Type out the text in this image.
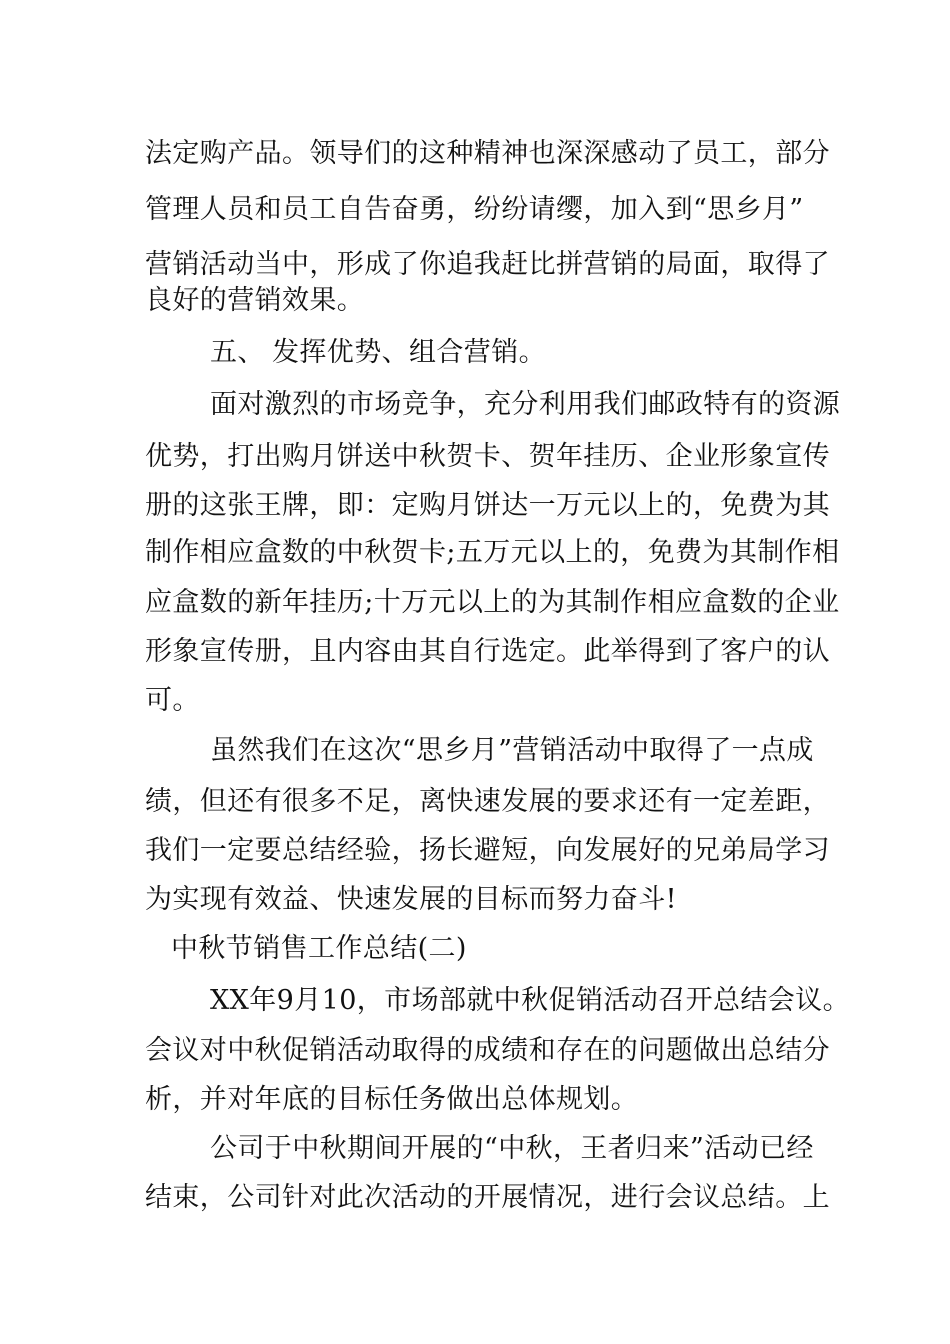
法定购产品。领导们的这种精神也深深感动了员工，部分
管理人员和员工自告奋勇，纷纷请缨，加入到“思乡月”
营销活动当中，形成了你追我赶比拼营销的局面，取得了
良好的营销效果。
五、 发挥优势、组合营销。
面对激烈的市场竞争，充分利用我们邮政特有的资源
优势，打出购月饼送中秋贺卡、贺年挂历、企业形象宣传
册的这张王牌，即：定购月饼达一万元以上的，免费为其
制作相应盒数的中秋贺卡;五万元以上的，免费为其制作相
应盒数的新年挂历;十万元以上的为其制作相应盒数的企业
形象宣传册，且内容由其自行选定。此举得到了客户的认
可。
虽然我们在这次“思乡月”营销活动中取得了一点成
绩，但还有很多不足，离快速发展的要求还有一定差距，
我们一定要总结经验，扬长避短，向发展好的兄弟局学习
为实现有效益、快速发展的目标而努力奋斗!
中秋节销售工作总结(二)
XX年9月10，市场部就中秋促销活动召开总结会议。
会议对中秋促销活动取得的成绩和存在的问题做出总结分
析，并对年底的目标任务做出总体规划。
公司于中秋期间开展的“中秋，王者归来”活动已经
结束，公司针对此次活动的开展情况，进行会议总结。上
